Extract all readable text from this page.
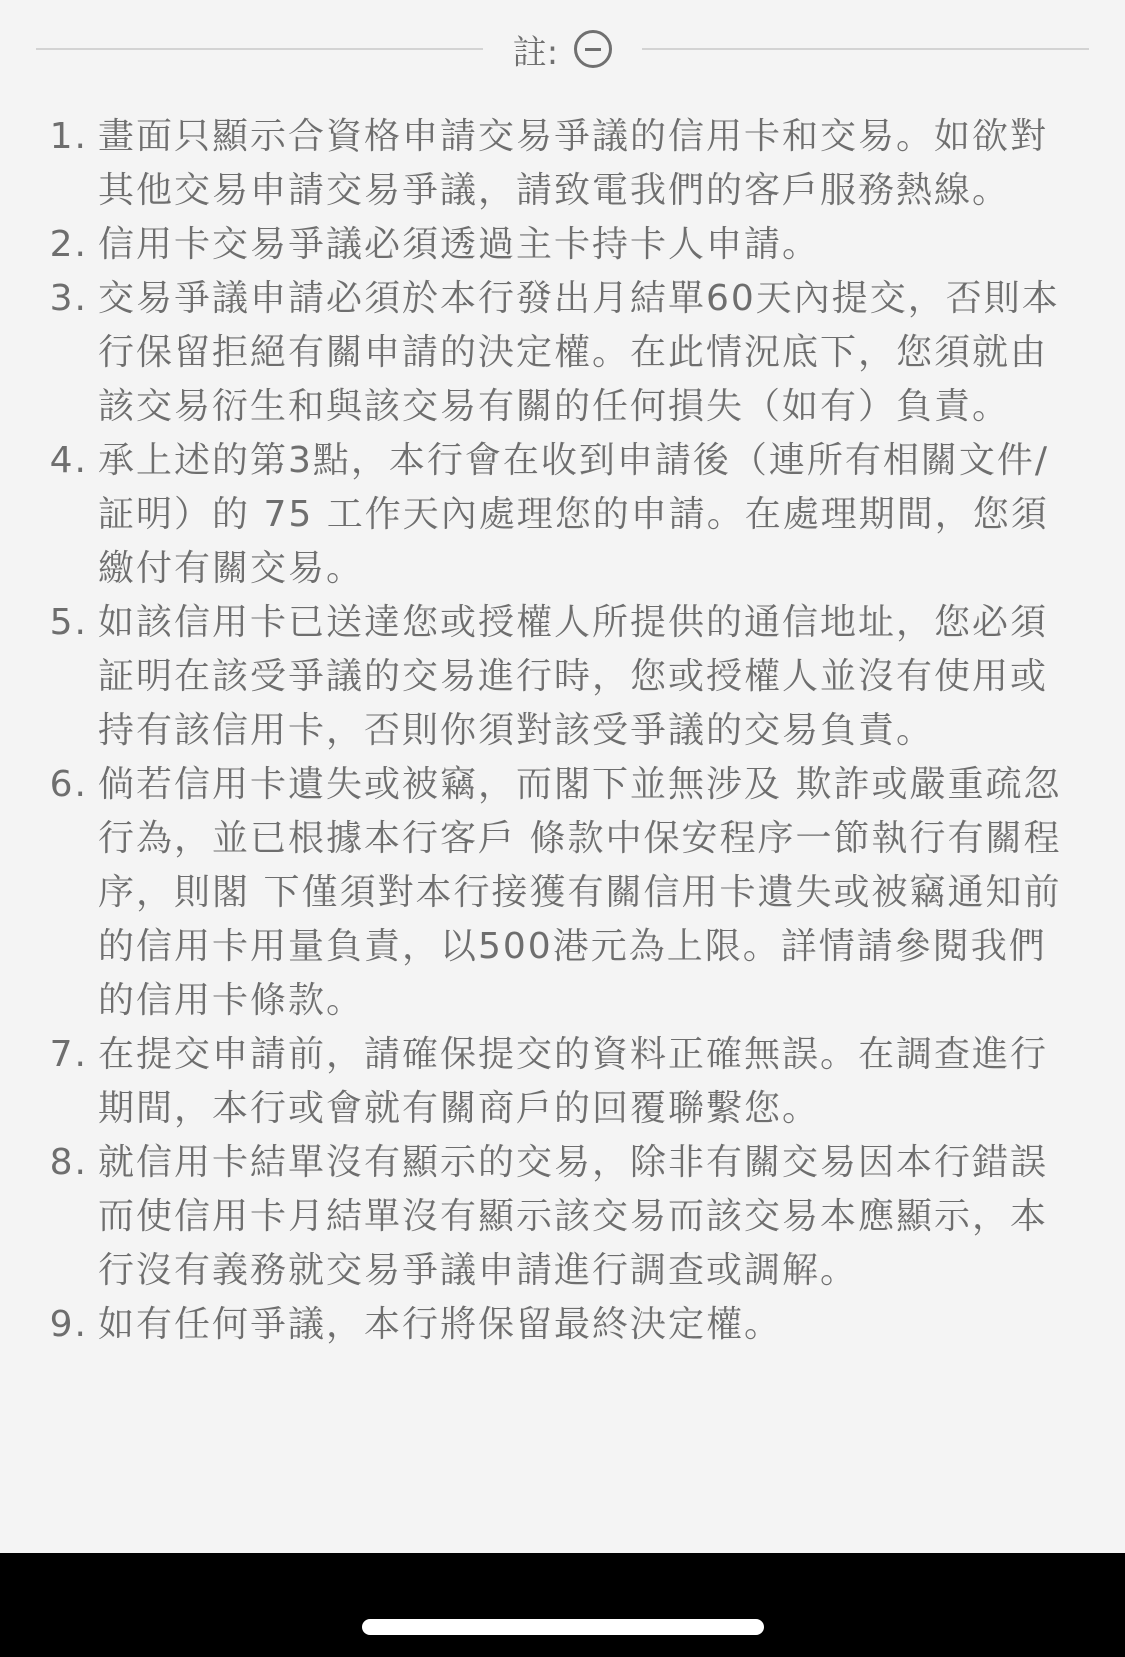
註:
1. 畫面只顯示合資格申請交易爭議的信用卡和交易。如欲對其他交易申請交易爭議，請致電我們的客戶服務熱線。
2. 信用卡交易爭議必須透過主卡持卡人申請。
3. 交易爭議申請必須於本行發出月結單60天內提交，否則本行保留拒絕有關申請的決定權。在此情況底下，您須就由該交易衍生和與該交易有關的任何損失（如有）負責。
4. 承上述的第3點，本行會在收到申請後（連所有相關文件/証明）的 75 工作天內處理您的申請。在處理期間，您須繳付有關交易。
5. 如該信用卡已送達您或授權人所提供的通信地址，您必須証明在該受爭議的交易進行時，您或授權人並沒有使用或持有該信用卡，否則你須對該受爭議的交易負責。
6. 倘若信用卡遺失或被竊，而閣下並無涉及 欺詐或嚴重疏忽行為，並已根據本行客戶 條款中保安程序一節執行有關程序，則閣 下僅須對本行接獲有關信用卡遺失或被竊通知前的信用卡用量負責，以500港元為上限。詳情請參閱我們的信用卡條款。
7. 在提交申請前，請確保提交的資料正確無誤。在調查進行期間，本行或會就有關商戶的回覆聯繫您。
8. 就信用卡結單沒有顯示的交易，除非有關交易因本行錯誤而使信用卡月結單沒有顯示該交易而該交易本應顯示，本行沒有義務就交易爭議申請進行調查或調解。
9. 如有任何爭議，本行將保留最終決定權。
